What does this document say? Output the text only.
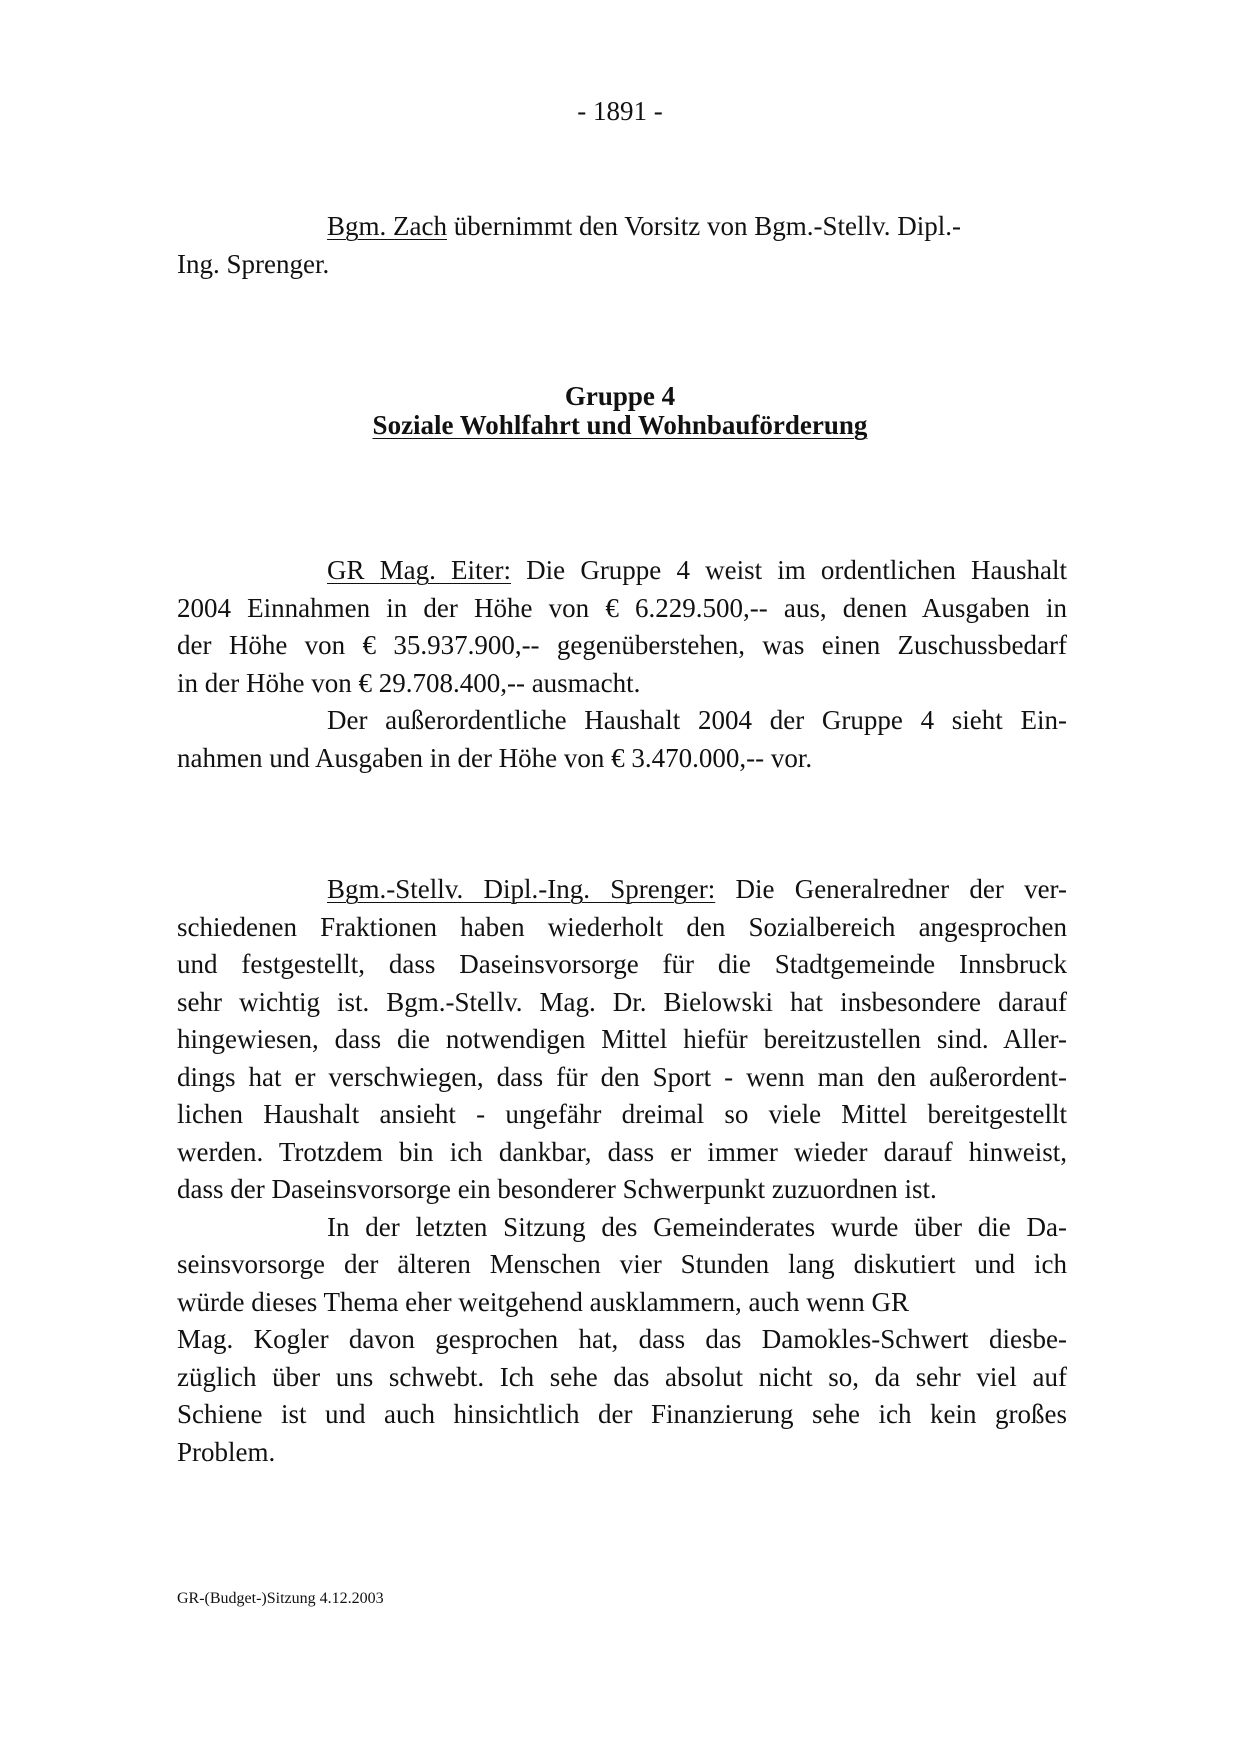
- 1891 -
Bgm. Zach übernimmt den Vorsitz von Bgm.-Stellv. Dipl.-
Ing. Sprenger.
Gruppe 4
Soziale Wohlfahrt und Wohnbauförderung
GR Mag. Eiter: Die Gruppe 4 weist im ordentlichen Haushalt
2004 Einnahmen in der Höhe von € 6.229.500,-- aus, denen Ausgaben in
der Höhe von € 35.937.900,-- gegenüberstehen, was einen Zuschussbedarf
in der Höhe von € 29.708.400,-- ausmacht.
Der außerordentliche Haushalt 2004 der Gruppe 4 sieht Ein-
nahmen und Ausgaben in der Höhe von € 3.470.000,-- vor.
Bgm.-Stellv. Dipl.-Ing. Sprenger: Die Generalredner der ver-
schiedenen Fraktionen haben wiederholt den Sozialbereich angesprochen
und festgestellt, dass Daseinsvorsorge für die Stadtgemeinde Innsbruck
sehr wichtig ist. Bgm.-Stellv. Mag. Dr. Bielowski hat insbesondere darauf
hingewiesen, dass die notwendigen Mittel hiefür bereitzustellen sind. Aller-
dings hat er verschwiegen, dass für den Sport - wenn man den außerordent-
lichen Haushalt ansieht - ungefähr dreimal so viele Mittel bereitgestellt
werden. Trotzdem bin ich dankbar, dass er immer wieder darauf hinweist,
dass der Daseinsvorsorge ein besonderer Schwerpunkt zuzuordnen ist.
In der letzten Sitzung des Gemeinderates wurde über die Da-
seinsvorsorge der älteren Menschen vier Stunden lang diskutiert und ich
würde dieses Thema eher weitgehend ausklammern, auch wenn GR
Mag. Kogler davon gesprochen hat, dass das Damokles-Schwert diesbe-
züglich über uns schwebt. Ich sehe das absolut nicht so, da sehr viel auf
Schiene ist und auch hinsichtlich der Finanzierung sehe ich kein großes
Problem.
GR-(Budget-)Sitzung 4.12.2003
